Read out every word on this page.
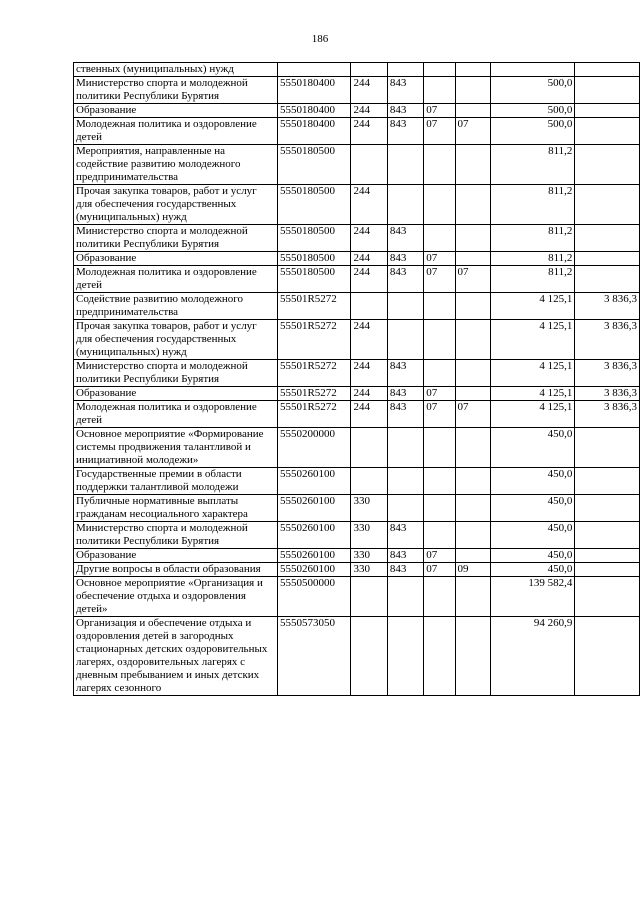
186
ственных (муниципальных) нужд							
Министерство спорта и молодежной политики Республики Бурятия	5550180400	244	843			500,0	
Образование	5550180400	244	843	07		500,0	
Молодежная политика и оздоровление детей	5550180400	244	843	07	07	500,0	
Мероприятия, направленные на содействие развитию молодежного предпринимательства	5550180500					811,2	
Прочая закупка товаров, работ и услуг для обеспечения государственных (муниципальных) нужд	5550180500	244				811,2	
Министерство спорта и молодежной политики Республики Бурятия	5550180500	244	843			811,2	
Образование	5550180500	244	843	07		811,2	
Молодежная политика и оздоровление детей	5550180500	244	843	07	07	811,2	
Содействие развитию молодежного предпринимательства	55501R5272					4 125,1	3 836,3
Прочая закупка товаров, работ и услуг для обеспечения государственных (муниципальных) нужд	55501R5272	244				4 125,1	3 836,3
Министерство спорта и молодежной политики Республики Бурятия	55501R5272	244	843			4 125,1	3 836,3
Образование	55501R5272	244	843	07		4 125,1	3 836,3
Молодежная политика и оздоровление детей	55501R5272	244	843	07	07	4 125,1	3 836,3
Основное мероприятие «Формирование системы продвижения талантливой и инициативной молодежи»	5550200000					450,0	
Государственные премии в области поддержки талантливой молодежи	5550260100					450,0	
Публичные нормативные выплаты гражданам несоциального характера	5550260100	330				450,0	
Министерство спорта и молодежной политики Республики Бурятия	5550260100	330	843			450,0	
Образование	5550260100	330	843	07		450,0	
Другие вопросы в области образования	5550260100	330	843	07	09	450,0	
Основное мероприятие «Организация и обеспечение отдыха и оздоровления детей»	5550500000					139 582,4	
Организация и обеспечение отдыха и оздоровления детей в загородных стационарных детских оздоровительных лагерях, оздоровительных лагерях с дневным пребыванием и иных детских лагерях сезонного	5550573050					94 260,9	
